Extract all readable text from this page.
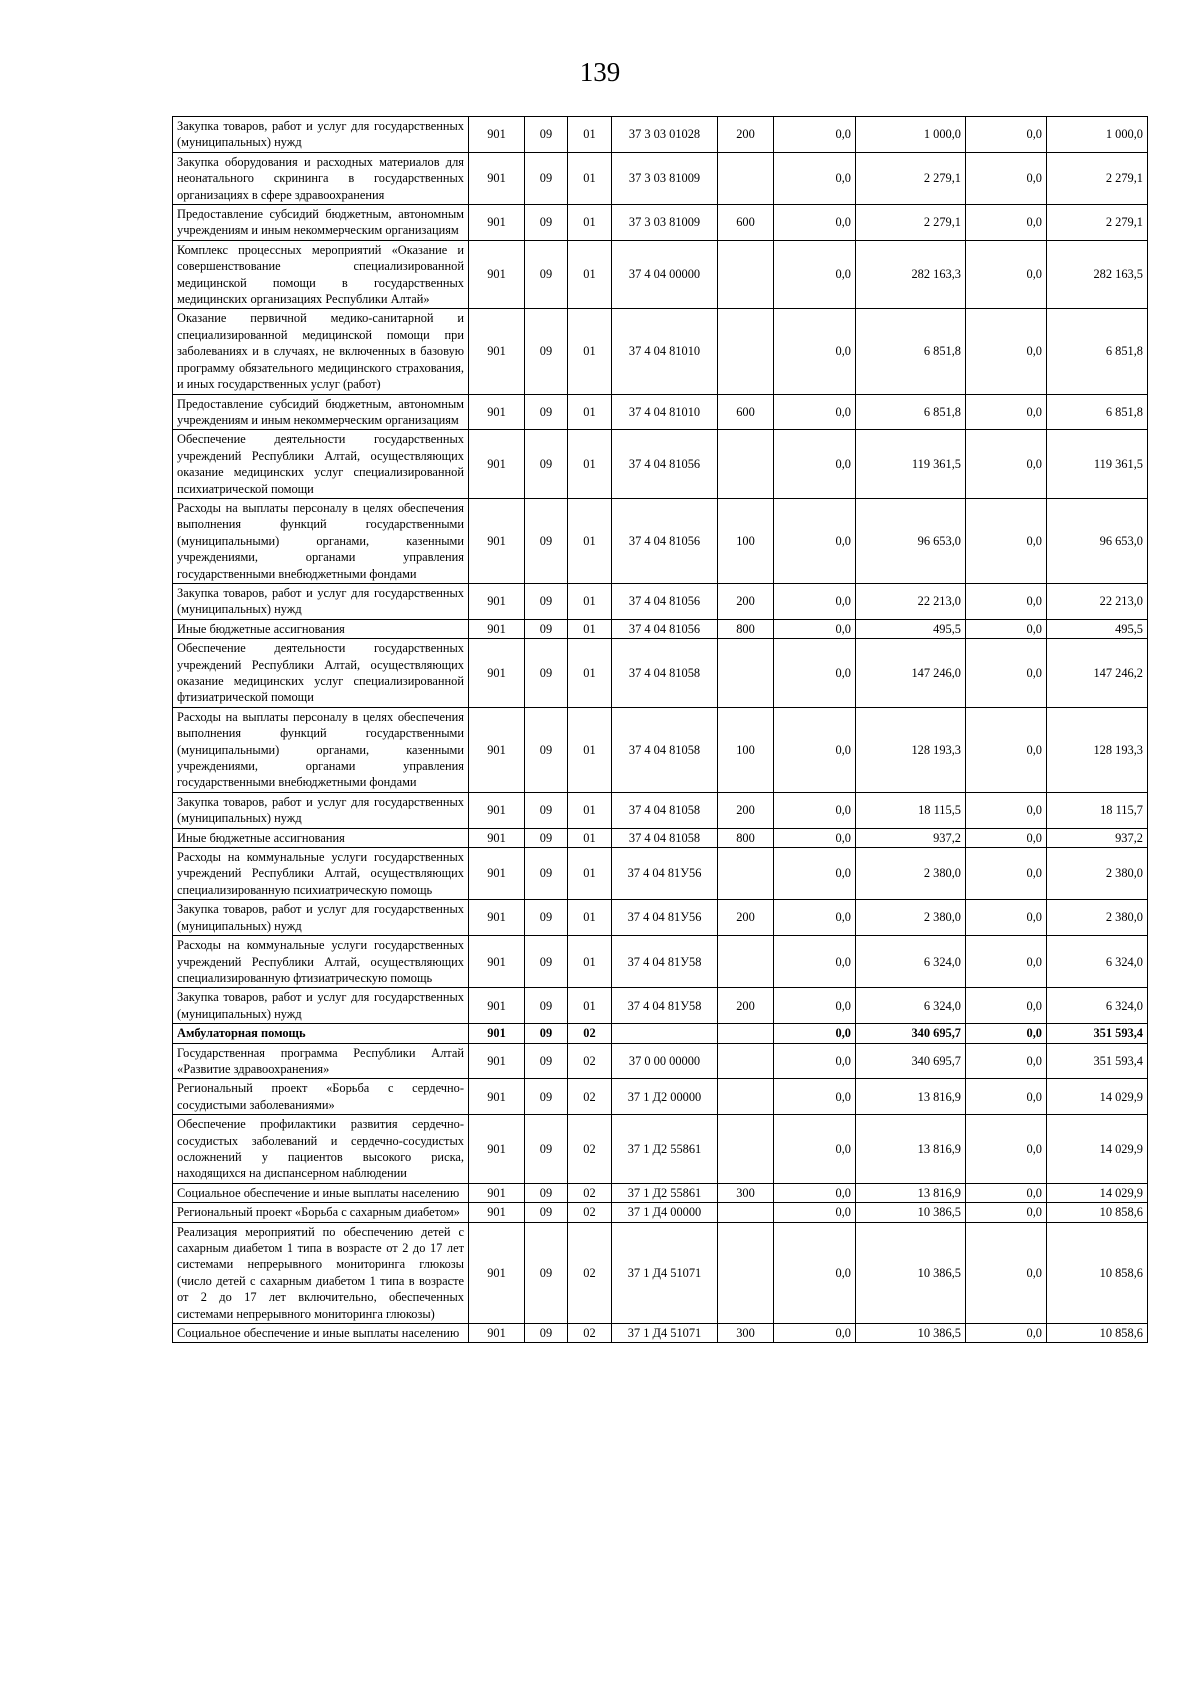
139
Закупка товаров, работ и услуг для государственных (муниципальных) нужд	901	09	01	37 3 03 01028	200	0,0	1 000,0	0,0	1 000,0
Закупка оборудования и расходных материалов для неонатального скрининга в государственных организациях в сфере здравоохранения	901	09	01	37 3 03 81009		0,0	2 279,1	0,0	2 279,1
Предоставление субсидий бюджетным, автономным учреждениям и иным некоммерческим организациям	901	09	01	37 3 03 81009	600	0,0	2 279,1	0,0	2 279,1
Комплекс процессных мероприятий «Оказание и совершенствование специализированной медицинской помощи в государственных медицинских организациях Республики Алтай»	901	09	01	37 4 04 00000		0,0	282 163,3	0,0	282 163,5
Оказание первичной медико-санитарной и специализированной медицинской помощи при заболеваниях и в случаях, не включенных в базовую программу обязательного медицинского страхования, и иных государственных услуг (работ)	901	09	01	37 4 04 81010		0,0	6 851,8	0,0	6 851,8
Предоставление субсидий бюджетным, автономным учреждениям и иным некоммерческим организациям	901	09	01	37 4 04 81010	600	0,0	6 851,8	0,0	6 851,8
Обеспечение деятельности государственных учреждений Республики Алтай, осуществляющих оказание медицинских услуг специализированной психиатрической помощи	901	09	01	37 4 04 81056		0,0	119 361,5	0,0	119 361,5
Расходы на выплаты персоналу в целях обеспечения выполнения функций государственными (муниципальными) органами, казенными учреждениями, органами управления государственными внебюджетными фондами	901	09	01	37 4 04 81056	100	0,0	96 653,0	0,0	96 653,0
Закупка товаров, работ и услуг для государственных (муниципальных) нужд	901	09	01	37 4 04 81056	200	0,0	22 213,0	0,0	22 213,0
Иные бюджетные ассигнования	901	09	01	37 4 04 81056	800	0,0	495,5	0,0	495,5
Обеспечение деятельности государственных учреждений Республики Алтай, осуществляющих оказание медицинских услуг специализированной фтизиатрической помощи	901	09	01	37 4 04 81058		0,0	147 246,0	0,0	147 246,2
Расходы на выплаты персоналу в целях обеспечения выполнения функций государственными (муниципальными) органами, казенными учреждениями, органами управления государственными внебюджетными фондами	901	09	01	37 4 04 81058	100	0,0	128 193,3	0,0	128 193,3
Закупка товаров, работ и услуг для государственных (муниципальных) нужд	901	09	01	37 4 04 81058	200	0,0	18 115,5	0,0	18 115,7
Иные бюджетные ассигнования	901	09	01	37 4 04 81058	800	0,0	937,2	0,0	937,2
Расходы на коммунальные услуги государственных учреждений Республики Алтай, осуществляющих специализированную психиатрическую помощь	901	09	01	37 4 04 81У56		0,0	2 380,0	0,0	2 380,0
Закупка товаров, работ и услуг для государственных (муниципальных) нужд	901	09	01	37 4 04 81У56	200	0,0	2 380,0	0,0	2 380,0
Расходы на коммунальные услуги государственных учреждений Республики Алтай, осуществляющих специализированную фтизиатрическую помощь	901	09	01	37 4 04 81У58		0,0	6 324,0	0,0	6 324,0
Закупка товаров, работ и услуг для государственных (муниципальных) нужд	901	09	01	37 4 04 81У58	200	0,0	6 324,0	0,0	6 324,0
Амбулаторная помощь	901	09	02			0,0	340 695,7	0,0	351 593,4
Государственная программа Республики Алтай «Развитие здравоохранения»	901	09	02	37 0 00 00000		0,0	340 695,7	0,0	351 593,4
Региональный проект «Борьба с сердечно-сосудистыми заболеваниями»	901	09	02	37 1 Д2 00000		0,0	13 816,9	0,0	14 029,9
Обеспечение профилактики развития сердечно-сосудистых заболеваний и сердечно-сосудистых осложнений у пациентов высокого риска, находящихся на диспансерном наблюдении	901	09	02	37 1 Д2 55861		0,0	13 816,9	0,0	14 029,9
Социальное обеспечение и иные выплаты населению	901	09	02	37 1 Д2 55861	300	0,0	13 816,9	0,0	14 029,9
Региональный проект «Борьба с сахарным диабетом»	901	09	02	37 1 Д4 00000		0,0	10 386,5	0,0	10 858,6
Реализация мероприятий по обеспечению детей с сахарным диабетом 1 типа в возрасте от 2 до 17 лет системами непрерывного мониторинга глюкозы (число детей с сахарным диабетом 1 типа в возрасте от 2 до 17 лет включительно, обеспеченных системами непрерывного мониторинга глюкозы)	901	09	02	37 1 Д4 51071		0,0	10 386,5	0,0	10 858,6
Социальное обеспечение и иные выплаты населению	901	09	02	37 1 Д4 51071	300	0,0	10 386,5	0,0	10 858,6
